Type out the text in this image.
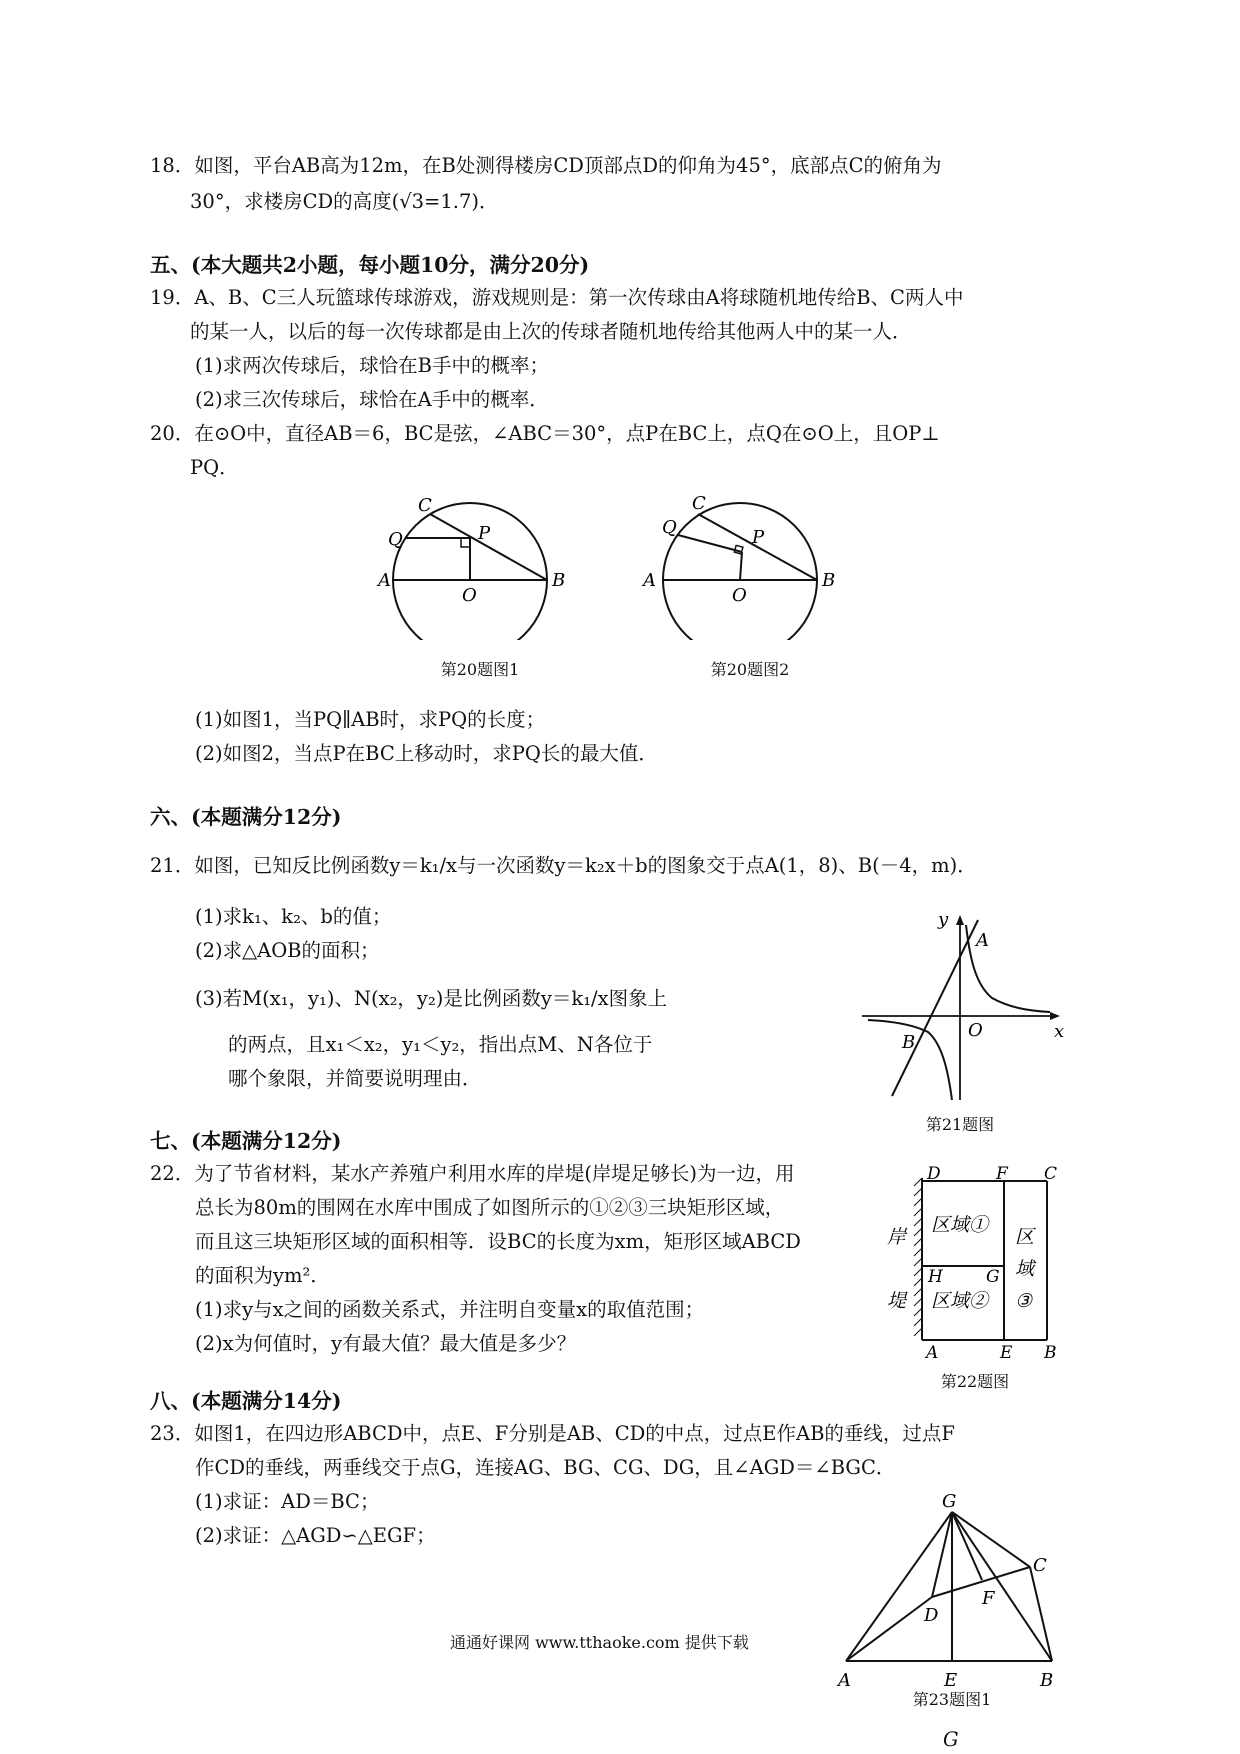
18．如图，平台AB高为12m，在B处测得楼房CD顶部点D的仰角为45°，底部点C的俯角为
30°，求楼房CD的高度(√3=1.7)．
五、(本大题共2小题，每小题10分，满分20分)
19．A、B、C三人玩篮球传球游戏，游戏规则是：第一次传球由A将球随机地传给B、C两人中
的某一人，以后的每一次传球都是由上次的传球者随机地传给其他两人中的某一人．
(1)求两次传球后，球恰在B手中的概率；
(2)求三次传球后，球恰在A手中的概率．
20．在⊙O中，直径AB＝6，BC是弦，∠ABC＝30°，点P在BC上，点Q在⊙O上，且OP⊥
PQ．
C
Q	P
A
O
B
第20题图1
C
Q	P
A
O
B
第20题图2
(1)如图1，当PQ∥AB时，求PQ的长度；
(2)如图2，当点P在BC上移动时，求PQ长的最大值．
六、(本题满分12分)
21．如图，已知反比例函数y＝k₁/x与一次函数y＝k₂x＋b的图象交于点A(1，8)、B(－4，m)．
(1)求k₁、k₂、b的值；
(2)求△AOB的面积；
(3)若M(x₁，y₁)、N(x₂，y₂)是比例函数y＝k₁/x图象上
的两点，且x₁＜x₂，y₁＜y₂，指出点M、N各位于
哪个象限，并简要说明理由．
y
x
A
B
O
第21题图
七、(本题满分12分)
22．为了节省材料，某水产养殖户利用水库的岸堤(岸堤足够长)为一边，用
总长为80m的围网在水库中围成了如图所示的①②③三块矩形区域，
而且这三块矩形区域的面积相等．设BC的长度为xm，矩形区域ABCD
的面积为ym²．
(1)求y与x之间的函数关系式，并注明自变量x的取值范围；
(2)x为何值时，y有最大值？最大值是多少？
D	F C
H	G
A	E B
岸
堤
区域①
区域②
区
域
③
第22题图
八、(本题满分14分)
23．如图1，在四边形ABCD中，点E、F分别是AB、CD的中点，过点E作AB的垂线，过点F
作CD的垂线，两垂线交于点G，连接AG、BG、CG、DG，且∠AGD＝∠BGC．
(1)求证：AD＝BC；
(2)求证：△AGD∽△EGF；
G
C
F
D
A	E	B
第23题图1
G
通通好课网 www.tthaoke.com 提供下载
